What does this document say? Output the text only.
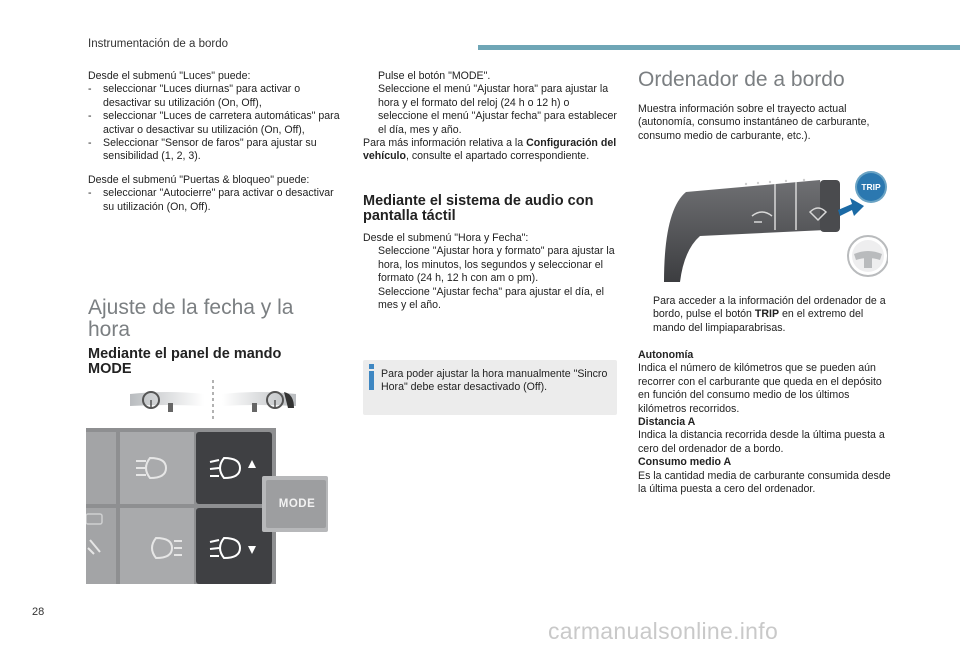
Instrumentación de a bordo

Desde el submenú "Luces" puede:

- seleccionar "Luces diurnas" para activar o desactivar su utilización (On, Off),
- seleccionar "Luces de carretera automáticas" para activar o desactivar su utilización (On, Off),
- Seleccionar "Sensor de faros" para ajustar su sensibilidad (1, 2, 3).

Desde el submenú "Puertas & bloqueo" puede:

- seleccionar "Autocierre" para activar o desactivar su utilización (On, Off).
Ajuste de la fecha y la hora
Mediante el panel de mando MODE
MODE
Pulse el botón "MODE".
Seleccione el menú "Ajustar hora" para ajustar la hora y el formato del reloj (24 h o 12 h) o seleccione el menú "Ajustar fecha" para establecer el día, mes y año.

Para más información relativa a la Configuración del vehículo, consulte el apartado correspondiente.

Mediante el sistema de audio con pantalla táctil

Desde el submenú "Hora y Fecha":

Seleccione "Ajustar hora y formato" para ajustar la hora, los minutos, los segundos y seleccionar el formato (24 h, 12 h con am o pm).
Seleccione "Ajustar fecha" para ajustar el día, el mes y el año.
Para poder ajustar la hora manualmente "Sincro Hora" debe estar desactivado (Off).
Ordenador de a bordo
Muestra información sobre el trayecto actual (autonomía, consumo instantáneo de carburante, consumo medio de carburante, etc.).
TRIP
Para acceder a la información del ordenador de a bordo, pulse el botón TRIP en el extremo del mando del limpiaparabrisas.

Autonomía

Indica el número de kilómetros que se pueden aún recorrer con el carburante que queda en el depósito en función del consumo medio de los últimos kilómetros recorridos.

Distancia A

Indica la distancia recorrida desde la última puesta a cero del ordenador de a bordo.

Consumo medio A

Es la cantidad media de carburante consumida desde la última puesta a cero del ordenador.

28
carmanualsonline.info
